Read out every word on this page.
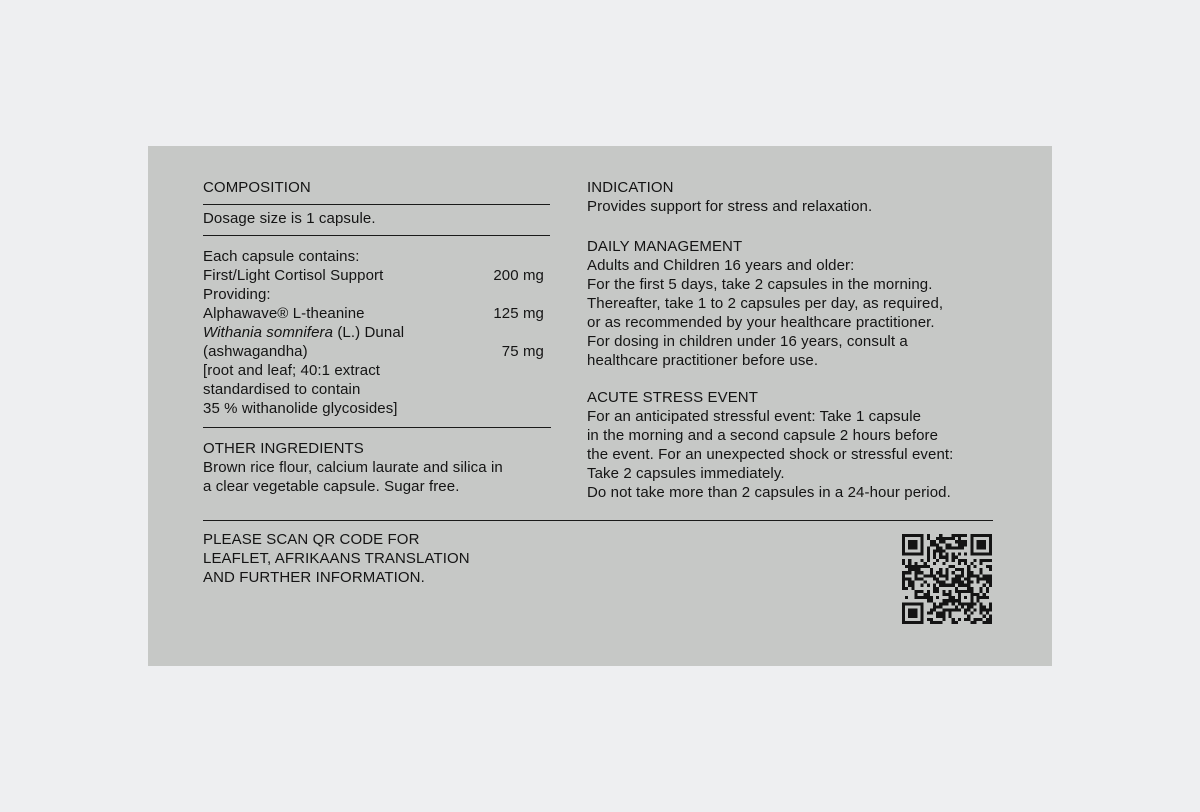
COMPOSITION
Dosage size is 1 capsule.
Each capsule contains:
First/Light Cortisol Support	200 mg
Providing:
Alphawave® L-theanine	125 mg
Withania somnifera (L.) Dunal
(ashwagandha)	75 mg
[root and leaf; 40:1 extract
standardised to contain
35 % withanolide glycosides]
OTHER INGREDIENTS
Brown rice flour, calcium laurate and silica in
a clear vegetable capsule. Sugar free.
INDICATION
Provides support for stress and relaxation.
DAILY MANAGEMENT
Adults and Children 16 years and older:
For the first 5 days, take 2 capsules in the morning.
Thereafter, take 1 to 2 capsules per day, as required,
or as recommended by your healthcare practitioner.
For dosing in children under 16 years, consult a
healthcare practitioner before use.
ACUTE STRESS EVENT
For an anticipated stressful event: Take 1 capsule
in the morning and a second capsule 2 hours before
the event. For an unexpected shock or stressful event:
Take 2 capsules immediately.
Do not take more than 2 capsules in a 24-hour period.
PLEASE SCAN QR CODE FOR
LEAFLET, AFRIKAANS TRANSLATION
AND FURTHER INFORMATION.
